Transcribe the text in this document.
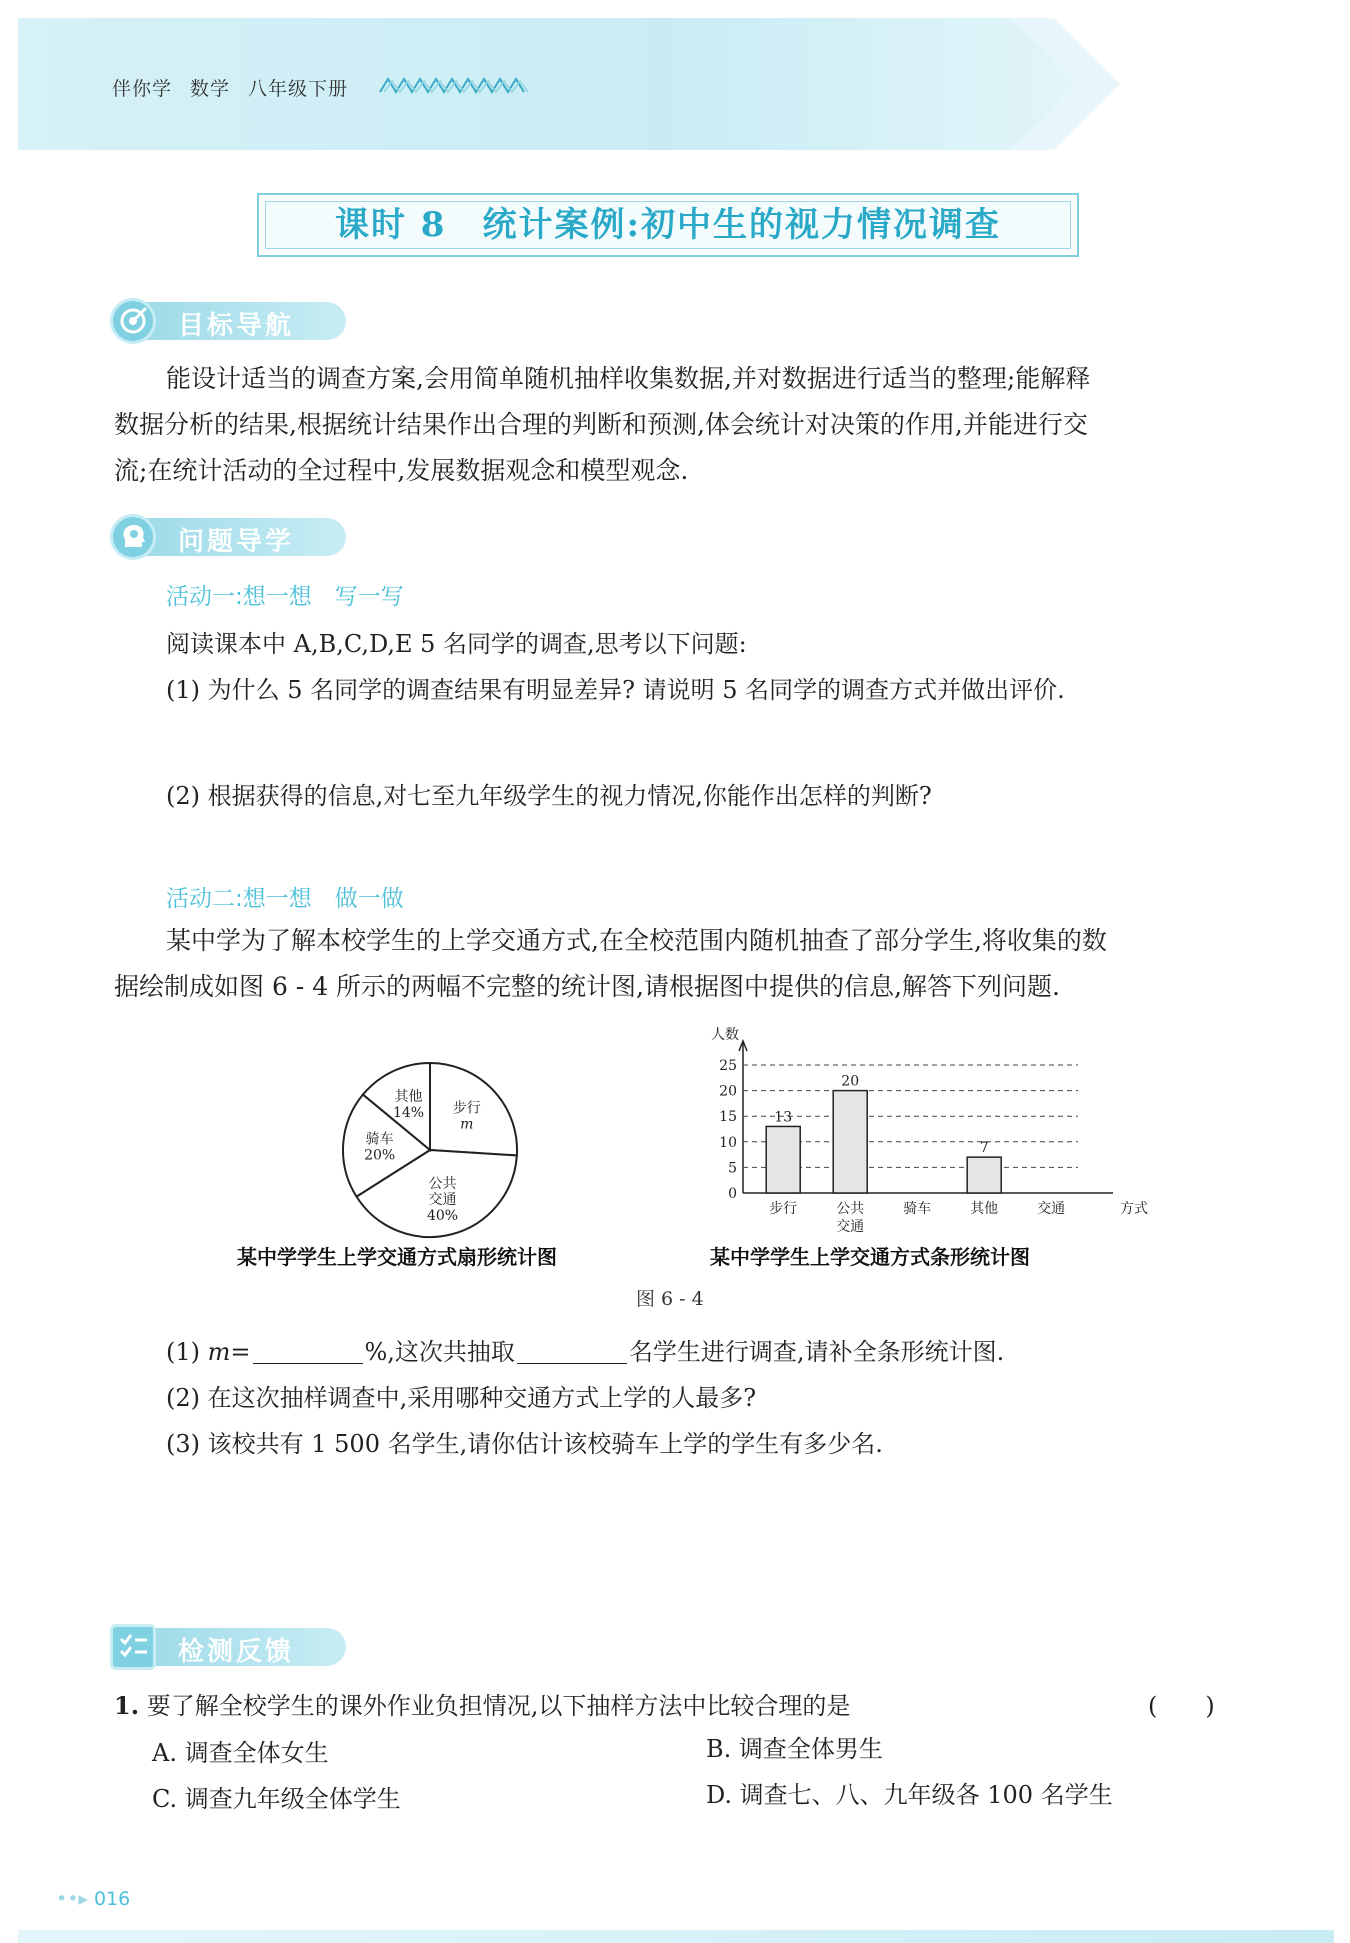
伴你学 数学 八年级下册
课时 8　统计案例:初中生的视力情况调查
目标导航
能设计适当的调查方案,会用简单随机抽样收集数据,并对数据进行适当的整理;能解释
数据分析的结果,根据统计结果作出合理的判断和预测,体会统计对决策的作用,并能进行交
流;在统计活动的全过程中,发展数据观念和模型观念.
问题导学
活动一:想一想　写一写
阅读课本中 A,B,C,D,E 5 名同学的调查,思考以下问题:
(1) 为什么 5 名同学的调查结果有明显差异? 请说明 5 名同学的调查方式并做出评价.
(2) 根据获得的信息,对七至九年级学生的视力情况,你能作出怎样的判断?
活动二:想一想　做一做
某中学为了解本校学生的上学交通方式,在全校范围内随机抽查了部分学生,将收集的数
据绘制成如图 6 - 4 所示的两幅不完整的统计图,请根据图中提供的信息,解答下列问题.
步行
m
公共
交通
40%
骑车
20%
其他
14%
某中学学生上学交通方式扇形统计图
人数
方式
0
5
10
15
20
25
13
步行
20
公共
交通
骑车
7
其他	交通
某中学学生上学交通方式条形统计图
图 6 - 4
(1) m=	%,这次共抽取	名学生进行调查,请补全条形统计图.
(2) 在这次抽样调查中,采用哪种交通方式上学的人最多?
(3) 该校共有 1 500 名学生,请你估计该校骑车上学的学生有多少名.
检测反馈
1. 要了解全校学生的课外作业负担情况,以下抽样方法中比较合理的是	(　　)
A. 调查全体女生	B. 调查全体男生
C. 调查九年级全体学生	D. 调查七、八、九年级各 100 名学生
••▸ 016
